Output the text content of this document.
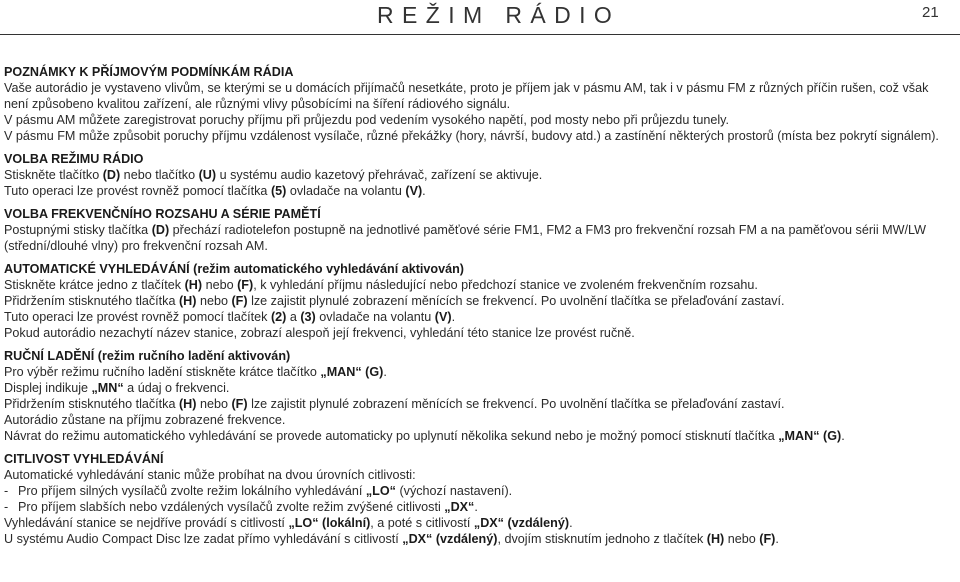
REŽIM RÁDIO	21
POZNÁMKY K PŘÍJMOVÝM PODMÍNKÁM RÁDIA

Vaše autorádio je vystaveno vlivům, se kterými se u domácích přijímačů nesetkáte, proto je příjem jak v pásmu AM, tak i v pásmu FM z různých příčin rušen, což však není způsobeno kvalitou zařízení, ale různými vlivy působícími na šíření rádiového signálu.

V pásmu AM můžete zaregistrovat poruchy příjmu při průjezdu pod vedením vysokého napětí, pod mosty nebo při průjezdu tunely.

V pásmu FM může způsobit poruchy příjmu vzdálenost vysílače, různé překážky (hory, návrší, budovy atd.) a zastínění některých prostorů (místa bez pokrytí signálem).

VOLBA REŽIMU RÁDIO

Stiskněte tlačítko (D) nebo tlačítko (U) u systému audio kazetový přehrávač, zařízení se aktivuje.

Tuto operaci lze provést rovněž pomocí tlačítka (5) ovladače na volantu (V).

VOLBA FREKVENČNÍHO ROZSAHU A SÉRIE PAMĚTÍ

Postupnými stisky tlačítka (D) přechází radiotelefon postupně na jednotlivé paměťové série FM1, FM2 a FM3 pro frekvenční rozsah FM a na paměťovou sérii MW/LW (střední/dlouhé vlny) pro frekvenční rozsah AM.

AUTOMATICKÉ VYHLEDÁVÁNÍ (režim automatického vyhledávání aktivován)

Stiskněte krátce jedno z tlačítek (H) nebo (F), k vyhledání příjmu následující nebo předchozí stanice ve zvoleném frekvenčním rozsahu.

Přidržením stisknutého tlačítka (H) nebo (F) lze zajistit plynulé zobrazení měnících se frekvencí. Po uvolnění tlačítka se přelaďování zastaví.

Tuto operaci lze provést rovněž pomocí tlačítek (2) a (3) ovladače na volantu (V).

Pokud autorádio nezachytí název stanice, zobrazí alespoň její frekvenci, vyhledání této stanice lze provést ručně.

RUČNÍ LADĚNÍ (režim ručního ladění aktivován)

Pro výběr režimu ručního ladění stiskněte krátce tlačítko „MAN“ (G).

Displej indikuje „MN“ a údaj o frekvenci.

Přidržením stisknutého tlačítka (H) nebo (F) lze zajistit plynulé zobrazení měnících se frekvencí. Po uvolnění tlačítka se přelaďování zastaví.

Autorádio zůstane na příjmu zobrazené frekvence.

Návrat do režimu automatického vyhledávání se provede automaticky po uplynutí několika sekund nebo je možný pomocí stisknutí tlačítka „MAN“ (G).

CITLIVOST VYHLEDÁVÁNÍ

Automatické vyhledávání stanic může probíhat na dvou úrovních citlivosti:

- Pro příjem silných vysílačů zvolte režim lokálního vyhledávání „LO“ (výchozí nastavení).
- Pro příjem slabších nebo vzdálených vysílačů zvolte režim zvýšené citlivosti „DX“.

Vyhledávání stanice se nejdříve provádí s citlivostí „LO“ (lokální), a poté s citlivostí „DX“ (vzdálený).

U systému Audio Compact Disc lze zadat přímo vyhledávání s citlivostí „DX“ (vzdálený), dvojím stisknutím jednoho z tlačítek (H) nebo (F).
